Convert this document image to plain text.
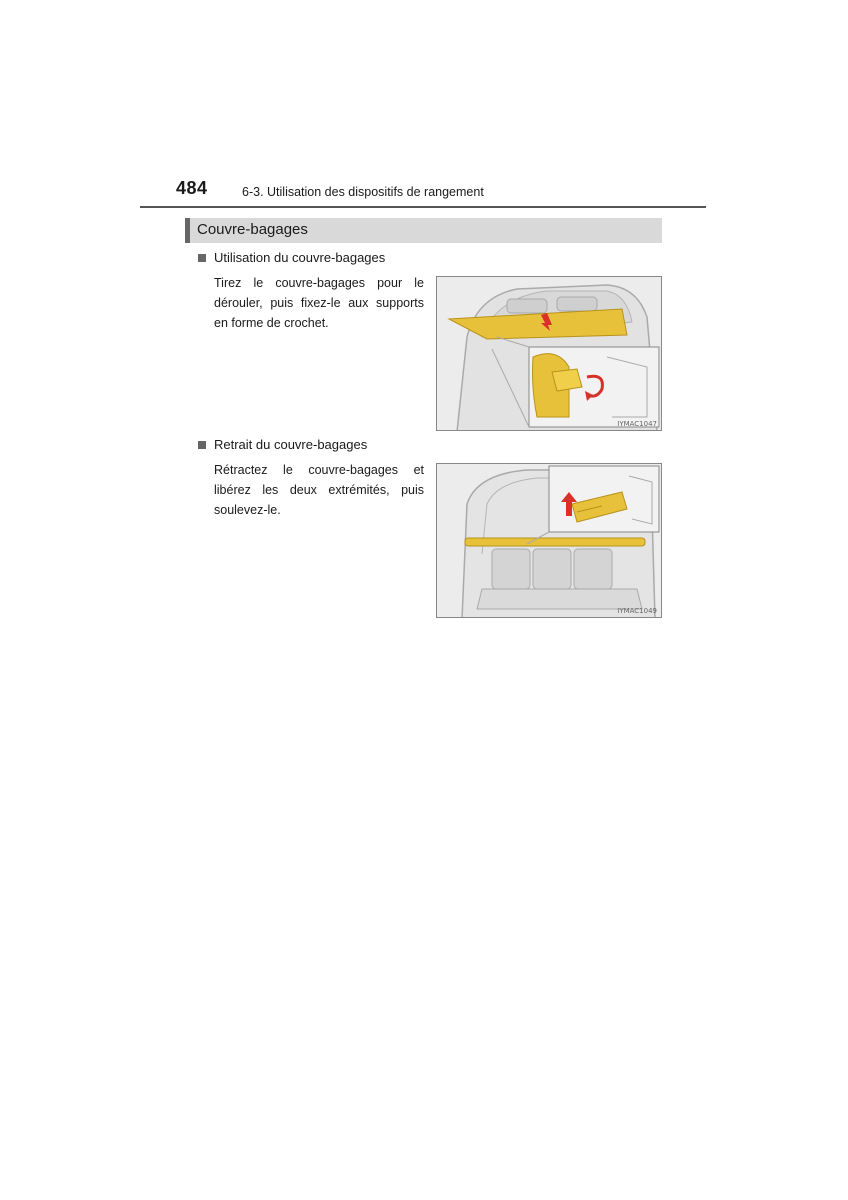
484	6-3. Utilisation des dispositifs de rangement
Couvre-bagages
Utilisation du couvre-bagages
Tirez le couvre-bagages pour le dérouler, puis fixez-le aux supports en forme de crochet.
IYMAC1047
Retrait du couvre-bagages
Rétractez le couvre-bagages et libérez les deux extrémités, puis soulevez-le.
IYMAC1049
